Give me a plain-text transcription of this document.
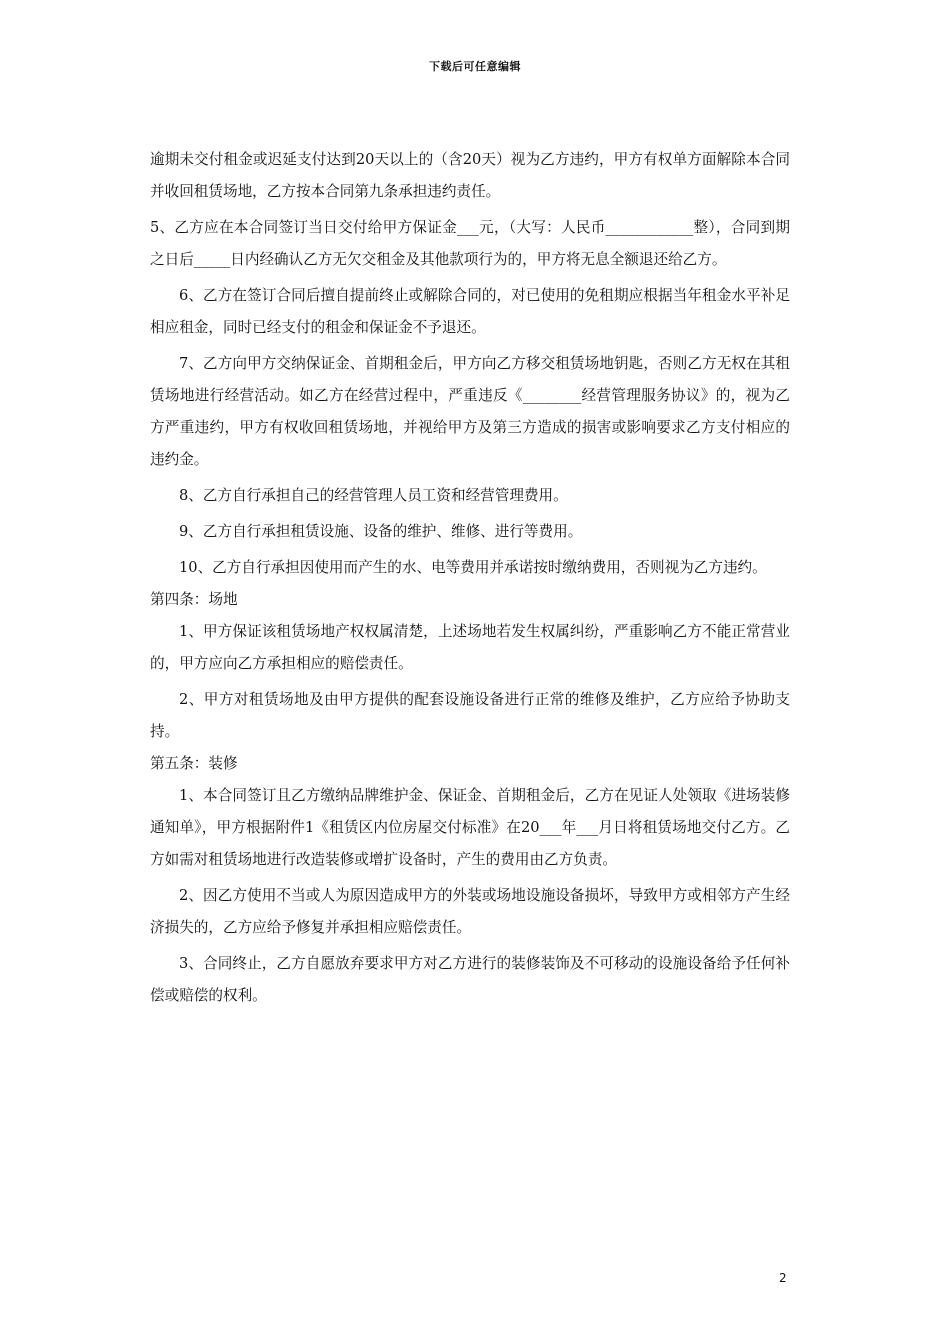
下载后可任意编辑

逾期未交付租金或迟延支付达到20天以上的（含20天）视为乙方违约，甲方有权单方面解除本合同并收回租赁场地，乙方按本合同第九条承担违约责任。

5、乙方应在本合同签订当日交付给甲方保证金___元，（大写：人民币____________整），合同到期之日后_____日内经确认乙方无欠交租金及其他款项行为的，甲方将无息全额退还给乙方。

6、乙方在签订合同后擅自提前终止或解除合同的，对已使用的免租期应根据当年租金水平补足相应租金，同时已经支付的租金和保证金不予退还。

7、乙方向甲方交纳保证金、首期租金后，甲方向乙方移交租赁场地钥匙，否则乙方无权在其租赁场地进行经营活动。如乙方在经营过程中，严重违反《________经营管理服务协议》的，视为乙方严重违约，甲方有权收回租赁场地，并视给甲方及第三方造成的损害或影响要求乙方支付相应的违约金。

8、乙方自行承担自己的经营管理人员工资和经营管理费用。

9、乙方自行承担租赁设施、设备的维护、维修、进行等费用。

10、乙方自行承担因使用而产生的水、电等费用并承诺按时缴纳费用，否则视为乙方违约。

第四条：场地

1、甲方保证该租赁场地产权权属清楚，上述场地若发生权属纠纷，严重影响乙方不能正常营业的，甲方应向乙方承担相应的赔偿责任。

2、甲方对租赁场地及由甲方提供的配套设施设备进行正常的维修及维护，乙方应给予协助支持。

第五条：装修

1、本合同签订且乙方缴纳品牌维护金、保证金、首期租金后，乙方在见证人处领取《进场装修通知单》，甲方根据附件1《租赁区内位房屋交付标准》在20___年___月日将租赁场地交付乙方。乙方如需对租赁场地进行改造装修或增扩设备时，产生的费用由乙方负责。

2、因乙方使用不当或人为原因造成甲方的外装或场地设施设备损坏，导致甲方或相邻方产生经济损失的，乙方应给予修复并承担相应赔偿责任。

3、合同终止，乙方自愿放弃要求甲方对乙方进行的装修装饰及不可移动的设施设备给予任何补偿或赔偿的权利。

2
